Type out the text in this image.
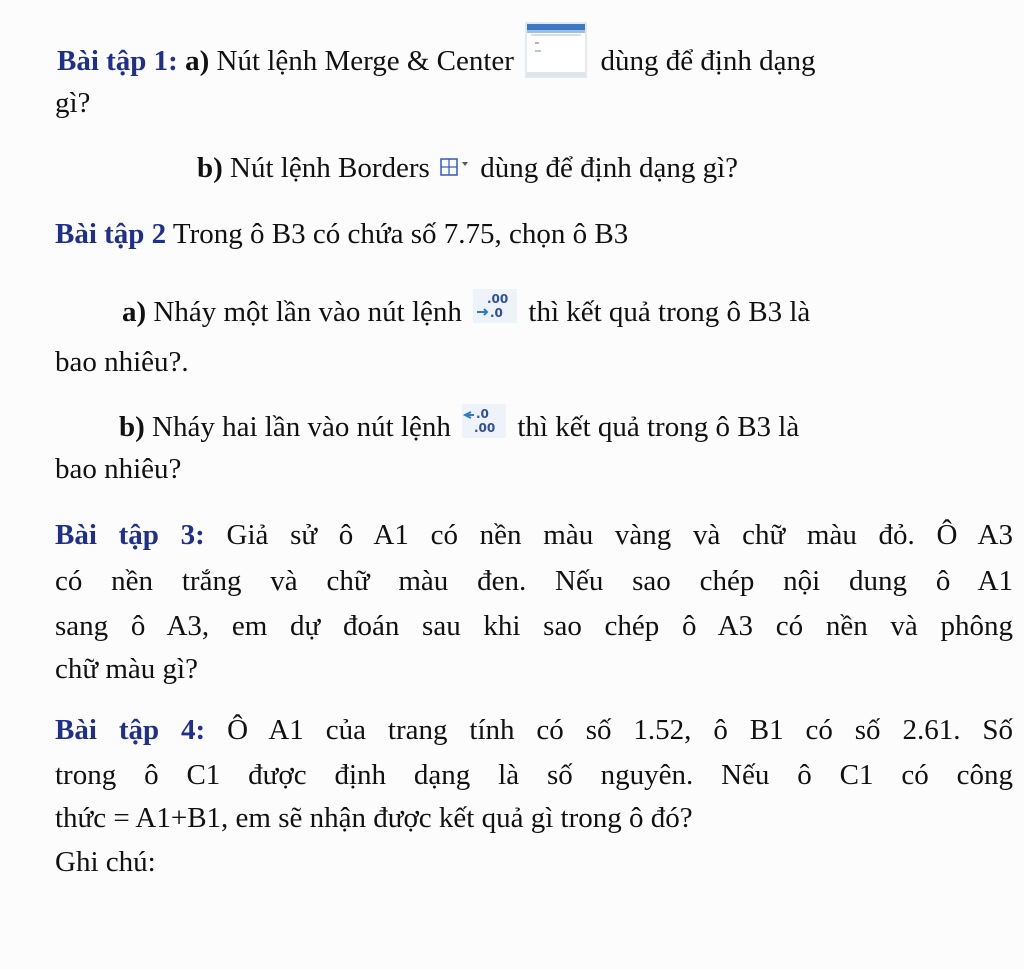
Bài tập 1: a) Nút lệnh Merge & Center	dùng để định dạng
gì?
b) Nút lệnh Borders dùng để định dạng gì?
Bài tập 2 Trong ô B3 có chứa số 7.75, chọn ô B3
a) Nháy một lần vào nút lệnh .00
.0 thì kết quả trong ô B3 là
bao nhiêu?.
b) Nháy hai lần vào nút lệnh .0
.00 thì kết quả trong ô B3 là
bao nhiêu?
Bài tập 3: Giả sử ô A1 có nền màu vàng và chữ màu đỏ. Ô A3
có nền trắng và chữ màu đen. Nếu sao chép nội dung ô A1
sang ô A3, em dự đoán sau khi sao chép ô A3 có nền và phông
chữ màu gì?
Bài tập 4: Ô A1 của trang tính có số 1.52, ô B1 có số 2.61. Số
trong ô C1 được định dạng là số nguyên. Nếu ô C1 có công
thức = A1+B1, em sẽ nhận được kết quả gì trong ô đó?
Ghi chú:
